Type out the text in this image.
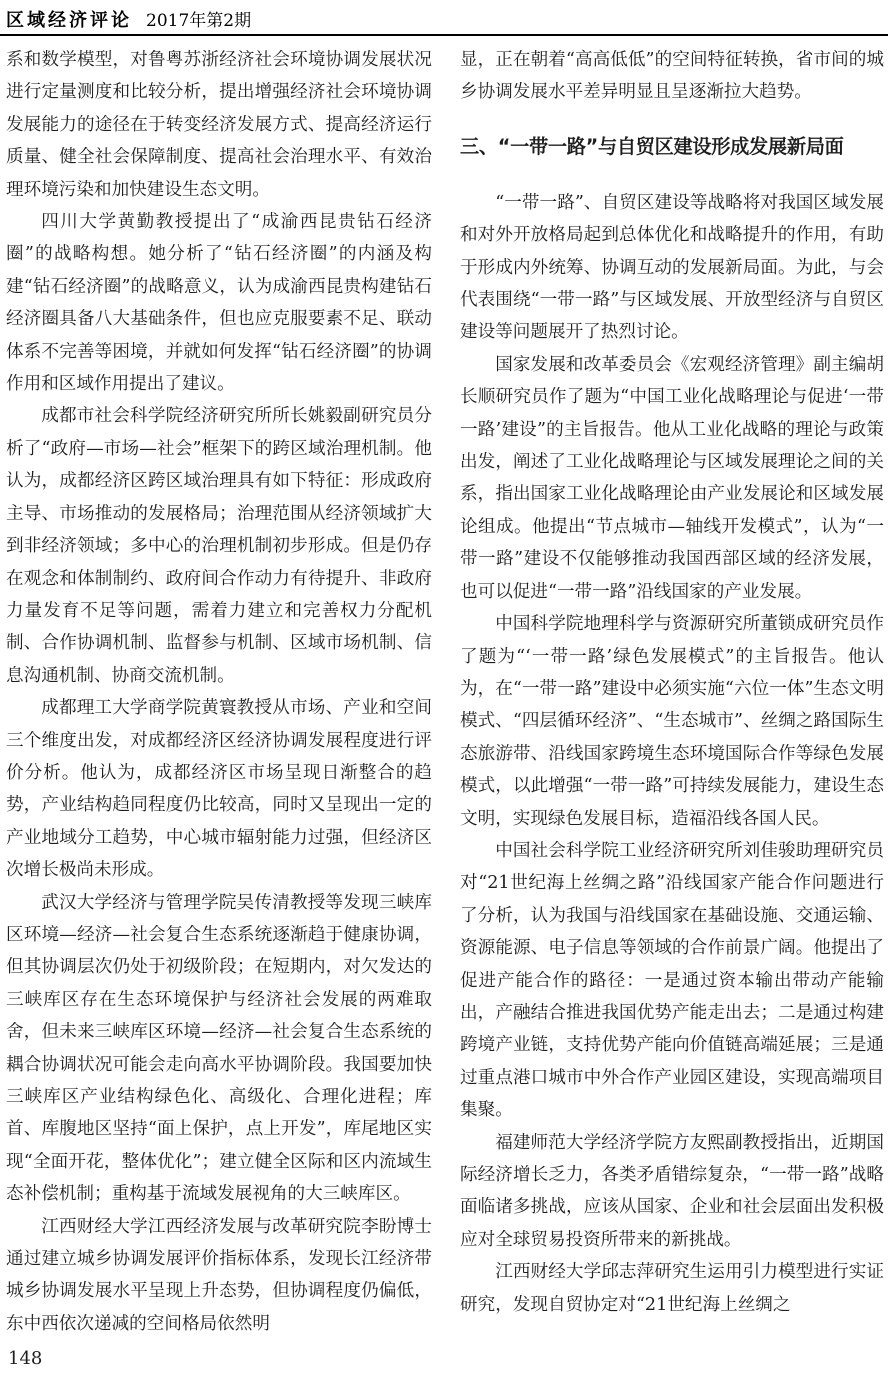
区域经济评论 2017年第2期

系和数学模型，对鲁粤苏浙经济社会环境协调发展状况进行定量测度和比较分析，提出增强经济社会环境协调发展能力的途径在于转变经济发展方式、提高经济运行质量、健全社会保障制度、提高社会治理水平、有效治理环境污染和加快建设生态文明。

四川大学黄勤教授提出了“成渝西昆贵钻石经济圈”的战略构想。她分析了“钻石经济圈”的内涵及构建“钻石经济圈”的战略意义，认为成渝西昆贵构建钻石经济圈具备八大基础条件，但也应克服要素不足、联动体系不完善等困境，并就如何发挥“钻石经济圈”的协调作用和区域作用提出了建议。

成都市社会科学院经济研究所所长姚毅副研究员分析了“政府—市场—社会”框架下的跨区域治理机制。他认为，成都经济区跨区域治理具有如下特征：形成政府主导、市场推动的发展格局；治理范围从经济领域扩大到非经济领域；多中心的治理机制初步形成。但是仍存在观念和体制制约、政府间合作动力有待提升、非政府力量发育不足等问题，需着力建立和完善权力分配机制、合作协调机制、监督参与机制、区域市场机制、信息沟通机制、协商交流机制。

成都理工大学商学院黄寰教授从市场、产业和空间三个维度出发，对成都经济区经济协调发展程度进行评价分析。他认为，成都经济区市场呈现日渐整合的趋势，产业结构趋同程度仍比较高，同时又呈现出一定的产业地域分工趋势，中心城市辐射能力过强，但经济区次增长极尚未形成。

武汉大学经济与管理学院吴传清教授等发现三峡库区环境—经济—社会复合生态系统逐渐趋于健康协调，但其协调层次仍处于初级阶段；在短期内，对欠发达的三峡库区存在生态环境保护与经济社会发展的两难取舍，但未来三峡库区环境—经济—社会复合生态系统的耦合协调状况可能会走向高水平协调阶段。我国要加快三峡库区产业结构绿色化、高级化、合理化进程；库首、库腹地区坚持“面上保护，点上开发”，库尾地区实现“全面开花，整体优化”；建立健全区际和区内流域生态补偿机制；重构基于流域发展视角的大三峡库区。

江西财经大学江西经济发展与改革研究院李盼博士通过建立城乡协调发展评价指标体系，发现长江经济带城乡协调发展水平呈现上升态势，但协调程度仍偏低，东中西依次递减的空间格局依然明

显，正在朝着“高高低低”的空间特征转换，省市间的城乡协调发展水平差异明显且呈逐渐拉大趋势。

三、“一带一路”与自贸区建设形成发展新局面

“一带一路”、自贸区建设等战略将对我国区域发展和对外开放格局起到总体优化和战略提升的作用，有助于形成内外统筹、协调互动的发展新局面。为此，与会代表围绕“一带一路”与区域发展、开放型经济与自贸区建设等问题展开了热烈讨论。

国家发展和改革委员会《宏观经济管理》副主编胡长顺研究员作了题为“中国工业化战略理论与促进‘一带一路’建设”的主旨报告。他从工业化战略的理论与政策出发，阐述了工业化战略理论与区域发展理论之间的关系，指出国家工业化战略理论由产业发展论和区域发展论组成。他提出“节点城市—轴线开发模式”，认为“一带一路”建设不仅能够推动我国西部区域的经济发展，也可以促进“一带一路”沿线国家的产业发展。

中国科学院地理科学与资源研究所董锁成研究员作了题为“‘一带一路’绿色发展模式”的主旨报告。他认为，在“一带一路”建设中必须实施“六位一体”生态文明模式、“四层循环经济”、“生态城市”、丝绸之路国际生态旅游带、沿线国家跨境生态环境国际合作等绿色发展模式，以此增强“一带一路”可持续发展能力，建设生态文明，实现绿色发展目标，造福沿线各国人民。

中国社会科学院工业经济研究所刘佳骏助理研究员对“21世纪海上丝绸之路”沿线国家产能合作问题进行了分析，认为我国与沿线国家在基础设施、交通运输、资源能源、电子信息等领域的合作前景广阔。他提出了促进产能合作的路径：一是通过资本输出带动产能输出，产融结合推进我国优势产能走出去；二是通过构建跨境产业链，支持优势产能向价值链高端延展；三是通过重点港口城市中外合作产业园区建设，实现高端项目集聚。

福建师范大学经济学院方友熙副教授指出，近期国际经济增长乏力，各类矛盾错综复杂，“一带一路”战略面临诸多挑战，应该从国家、企业和社会层面出发积极应对全球贸易投资所带来的新挑战。

江西财经大学邱志萍研究生运用引力模型进行实证研究，发现自贸协定对“21世纪海上丝绸之

148
